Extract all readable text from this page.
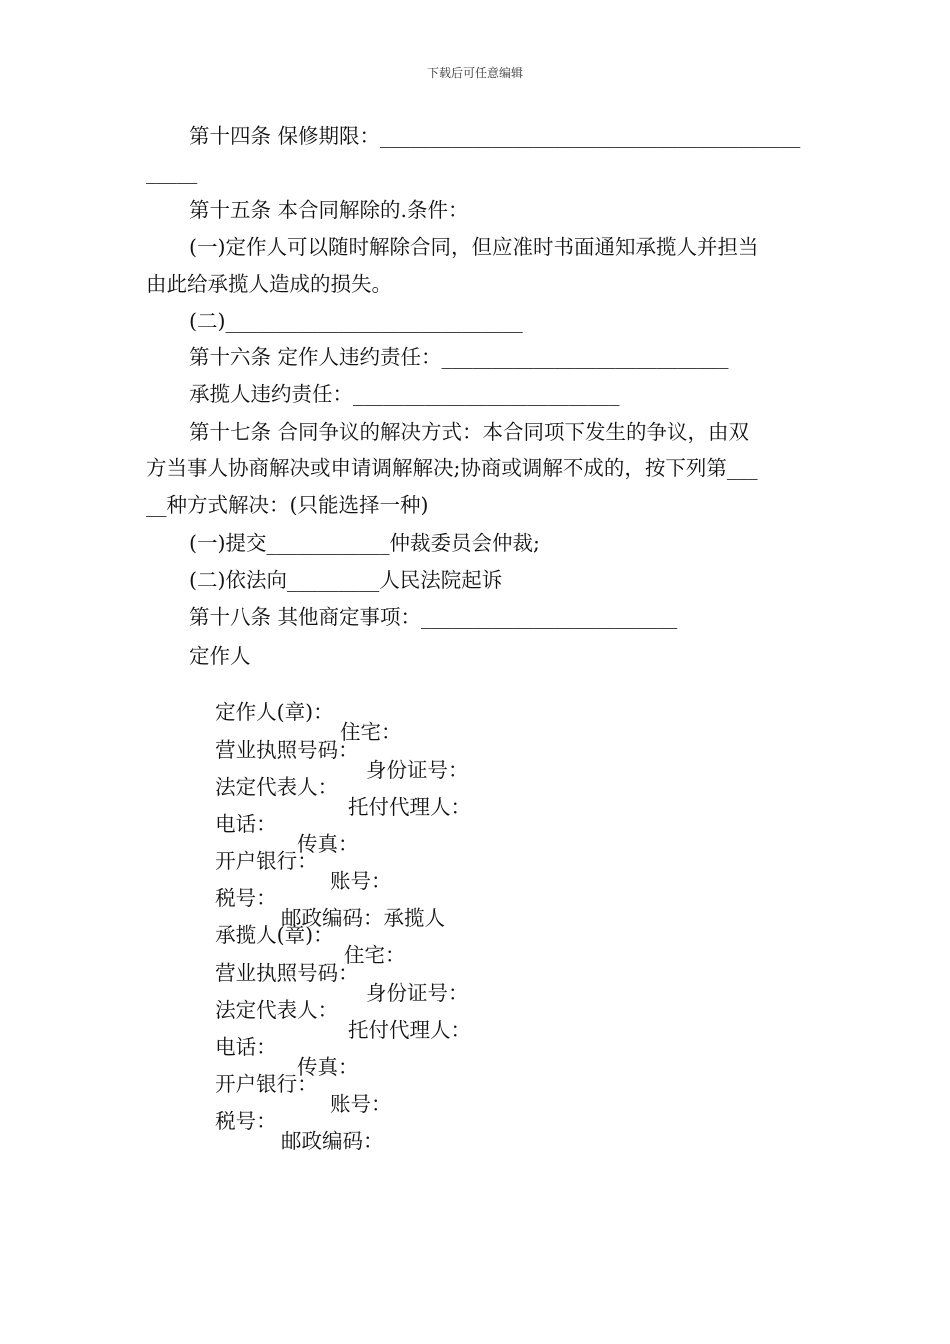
下载后可任意编辑
第十四条 保修期限：_________________________________________
_____
第十五条 本合同解除的.条件：
(一)定作人可以随时解除合同，但应准时书面通知承揽人并担当
由此给承揽人造成的损失。
(二)_____________________________
第十六条 定作人违约责任：____________________________
承揽人违约责任：__________________________
第十七条 合同争议的解决方式：本合同项下发生的争议，由双
方当事人协商解决或申请调解解决;协商或调解不成的，按下列第___
__种方式解决：(只能选择一种)
(一)提交____________仲裁委员会仲裁;
(二)依法向_________人民法院起诉
第十八条 其他商定事项：_________________________
定作人

定作人(章)：

住宅：

营业执照号码：

身份证号：

法定代表人：

托付代理人：

电话：

传真：

开户银行：

账号：

税号：

邮政编码：承揽人

承揽人(章)：

住宅：

营业执照号码：

身份证号：

法定代表人：

托付代理人：

电话：

传真：

开户银行：

账号：

税号：

邮政编码：
